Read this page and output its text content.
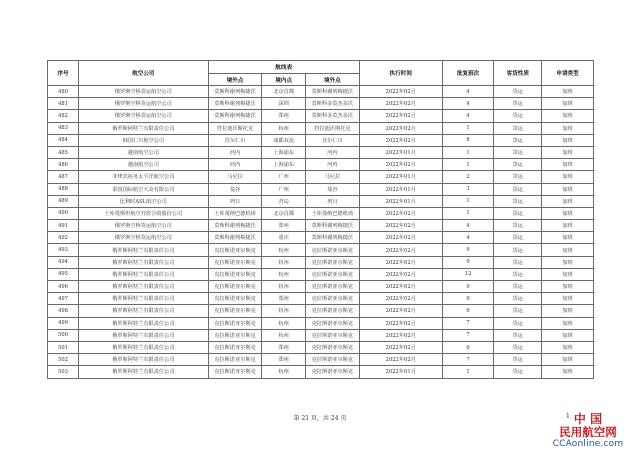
序号	航空公司	航线表			执行时间	批复班次	客货性质	申请类型
		境外点	境内点	境外点				
480	俄罗斯空桥货运航空公司	莫斯科谢列梅捷沃	北京首都	莫斯科谢列梅捷沃	2022年02月	4	货运	加班
481	俄罗斯空桥货运航空公司	莫斯科谢列梅捷沃	深圳	莫斯科多莫杰多沃	2022年02月	4	货运	加班
482	俄罗斯空桥货运航空公司	莫斯科谢列梅捷沃	郑州	莫斯科多莫杰多沃	2022年02月	4	货运	加班
483	俄罗斯阿特兰有限责任公司	符拉迪沃斯托克	杭州	符拉迪沃斯托克	2022年02月	1	货运	加班
484	韩国仁川航空公司	首尔仁川	成都双流	首尔仁川	2022年02月	8	货运	加班
485	越南航空公司	河内	上海浦东	河内	2022年01月	1	货运	加班
486	越南航空公司	河内	上海浦东	河内	2022年02月	1	货运	加班
487	菲律宾宿务太平洋航空公司	马尼拉	广州	马尼拉	2022年01月	2	货运	加班
488	泰国国际航空大众有限公司	曼谷	广州	曼谷	2022年01月	3	货运	加班
489	比利时ASL航空公司	列日	青岛	列日	2022年01月	1	货运	加班
490	土库曼斯坦航空开放合资股份公司	土库曼纳巴德机场	北京首都	土库曼纳巴德机场	2022年02月	1	货运	加班
491	俄罗斯空桥货运航空公司	莫斯科谢列梅捷沃	郑州	莫斯科谢列梅捷沃	2022年02月	4	货运	加班
492	俄罗斯空桥货运航空公司	莫斯科谢列梅捷沃	重庆	莫斯科谢列梅捷沃	2022年02月	4	货运	加班
493	俄罗斯阿特兰有限责任公司	克拉斯诺亚尔斯克	杭州	克拉斯诺亚尔斯克	2022年02月	9	货运	加班
494	俄罗斯阿特兰有限责任公司	克拉斯诺亚尔斯克	杭州	克拉斯诺亚尔斯克	2022年02月	9	货运	加班
495	俄罗斯阿特兰有限责任公司	克拉斯诺亚尔斯克	杭州	克拉斯诺亚尔斯克	2022年02月	12	货运	加班
496	俄罗斯阿特兰有限责任公司	克拉斯诺亚尔斯克	杭州	克拉斯诺亚尔斯克	2022年02月	9	货运	加班
497	俄罗斯阿特兰有限责任公司	克拉斯诺亚尔斯克	郑州	克拉斯诺亚尔斯克	2022年02月	9	货运	加班
498	俄罗斯阿特兰有限责任公司	克拉斯诺亚尔斯克	杭州	克拉斯诺亚尔斯克	2022年02月	6	货运	加班
499	俄罗斯阿特兰有限责任公司	克拉斯诺亚尔斯克	杭州	克拉斯诺亚尔斯克	2022年02月	7	货运	加班
500	俄罗斯阿特兰有限责任公司	克拉斯诺亚尔斯克	杭州	克拉斯诺亚尔斯克	2022年02月	7	货运	加班
501	俄罗斯阿特兰有限责任公司	克拉斯诺亚尔斯克	郑州	克拉斯诺亚尔斯克	2022年02月	6	货运	加班
502	俄罗斯阿特兰有限责任公司	克拉斯诺亚尔斯克	郑州	克拉斯诺亚尔斯克	2022年02月	7	货运	加班
503	俄罗斯阿特兰有限责任公司	克拉斯诺亚尔斯克	杭州	克拉斯诺亚尔斯克	2022年01月	1	货运	加班
第 21 页，共 24 页	1 中 国
民用航空网
CCAonline.com
